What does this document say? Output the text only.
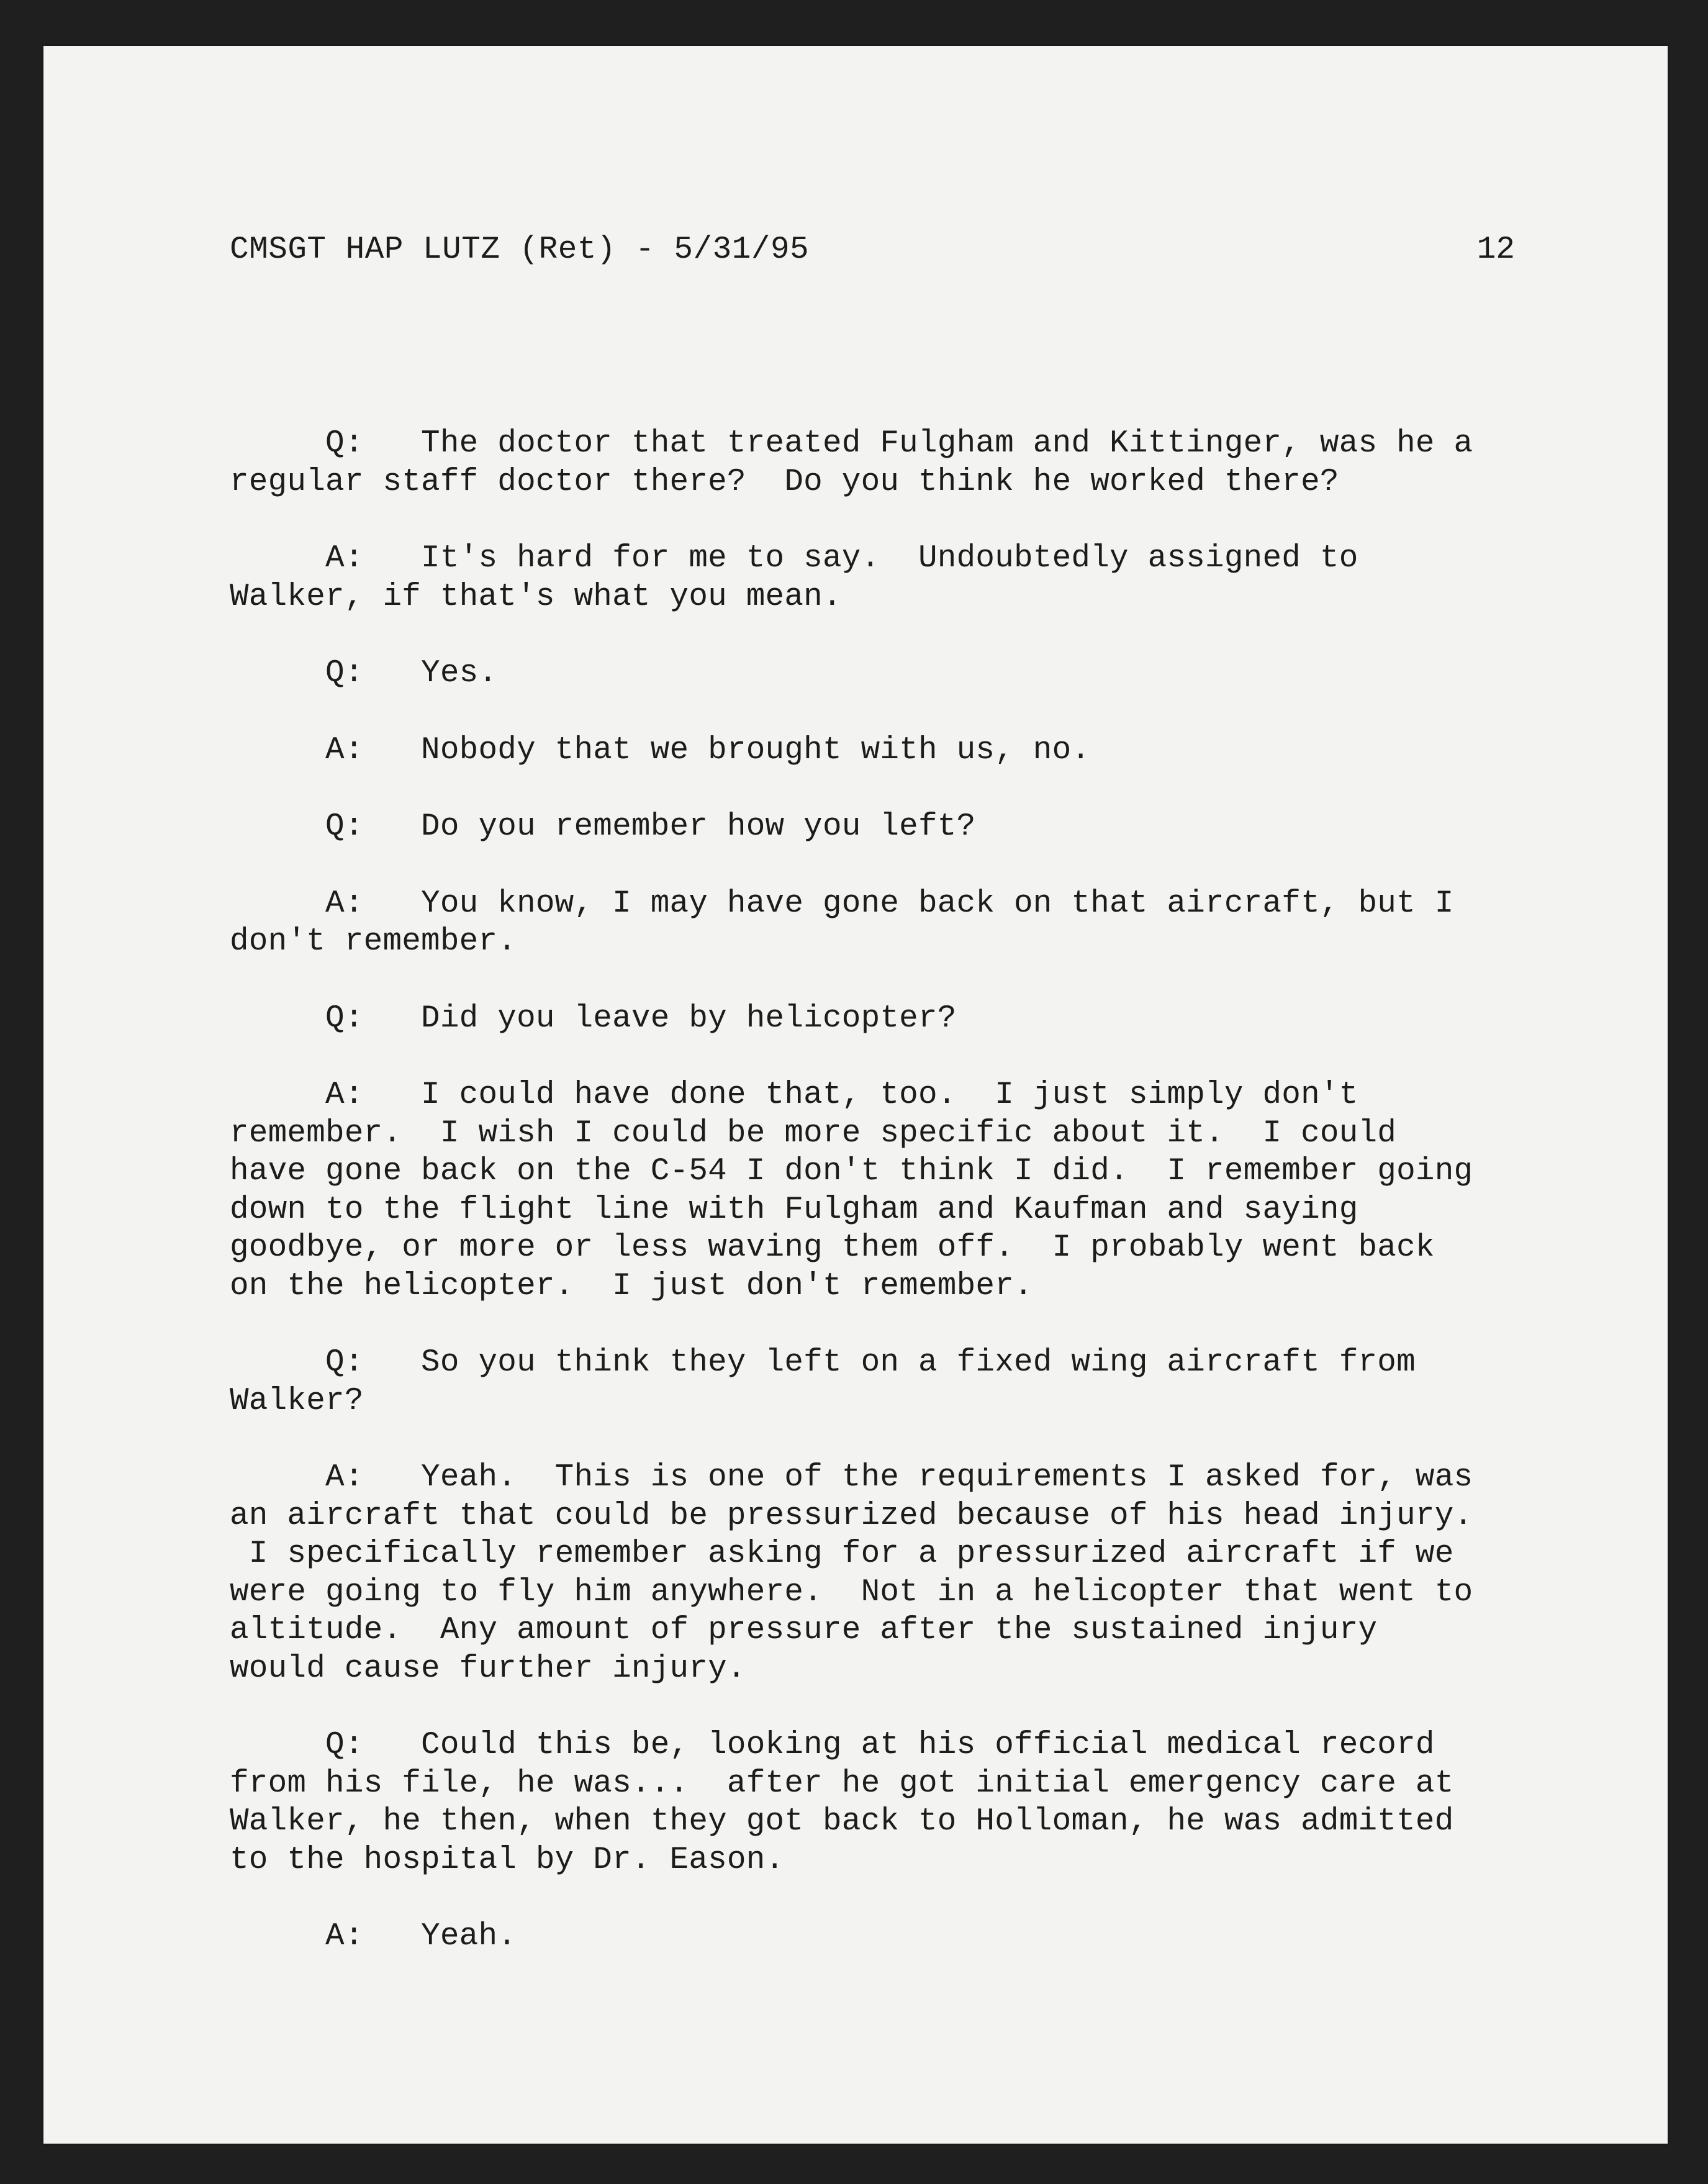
CMSGT HAP LUTZ (Ret) - 5/31/95	12
Q:   The doctor that treated Fulgham and Kittinger, was he a
regular staff doctor there?  Do you think he worked there?
A:   It's hard for me to say.  Undoubtedly assigned to
Walker, if that's what you mean.
Q:   Yes.
A:   Nobody that we brought with us, no.
Q:   Do you remember how you left?
A:   You know, I may have gone back on that aircraft, but I
don't remember.
Q:   Did you leave by helicopter?
A:   I could have done that, too.  I just simply don't
remember.  I wish I could be more specific about it.  I could
have gone back on the C-54 I don't think I did.  I remember going
down to the flight line with Fulgham and Kaufman and saying
goodbye, or more or less waving them off.  I probably went back
on the helicopter.  I just don't remember.
Q:   So you think they left on a fixed wing aircraft from
Walker?
A:   Yeah.  This is one of the requirements I asked for, was
an aircraft that could be pressurized because of his head injury.
I specifically remember asking for a pressurized aircraft if we
were going to fly him anywhere.  Not in a helicopter that went to
altitude.  Any amount of pressure after the sustained injury
would cause further injury.
Q:   Could this be, looking at his official medical record
from his file, he was...  after he got initial emergency care at
Walker, he then, when they got back to Holloman, he was admitted
to the hospital by Dr. Eason.
A:   Yeah.
